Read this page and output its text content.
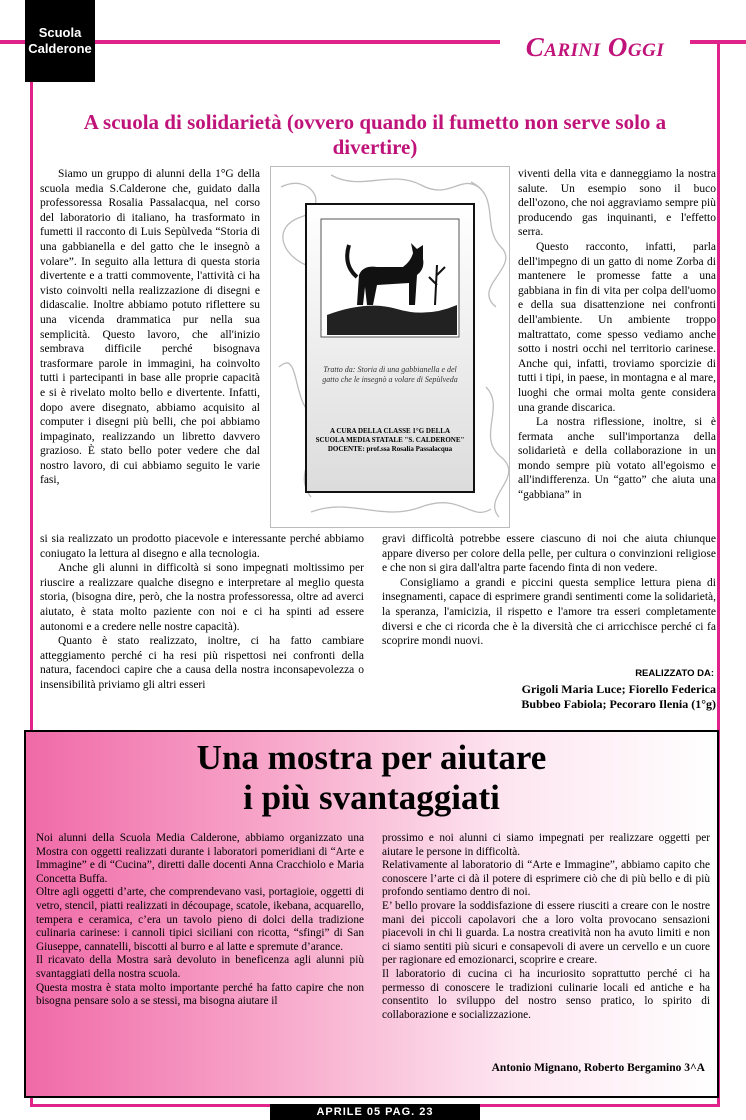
Scuola
Calderone	Carini Oggi
A scuola di solidarietà (ovvero quando il fumetto non serve solo a divertire)

Siamo un gruppo di alunni della 1°G della scuola media S.Calderone che, guidato dalla professoressa Rosalia Passalacqua, nel corso del laboratorio di italiano, ha trasformato in fumetti il racconto di Luis Sepùlveda “Storia di una gabbianella e del gatto che le insegnò a volare”. In seguito alla lettura di questa storia divertente e a tratti commovente, l'attività ci ha visto coinvolti nella realizzazione di disegni e didascalie. Inoltre abbiamo potuto riflettere su una vicenda drammatica pur nella sua semplicità. Questo lavoro, che all'inizio sembrava difficile perché bisognava trasformare parole in immagini, ha coinvolto tutti i partecipanti in base alle proprie capacità e si è rivelato molto bello e divertente. Infatti, dopo avere disegnato, abbiamo acquisito al computer i disegni più belli, che poi abbiamo impaginato, realizzando un libretto davvero grazioso. È stato bello poter vedere che dal nostro lavoro, di cui abbiamo seguito le varie fasi,

Tratto da: Storia di una gabbianella e del gatto che le insegnò a volare di Sepùlveda
A CURA DELLA CLASSE 1°G DELLA SCUOLA MEDIA STATALE "S. CALDERONE" DOCENTE: prof.ssa Rosalia Passalacqua

si sia realizzato un prodotto piacevole e interessante perché abbiamo coniugato la lettura al disegno e alla tecnologia.

Anche gli alunni in difficoltà si sono impegnati moltissimo per riuscire a realizzare qualche disegno e interpretare al meglio questa storia, (bisogna dire, però, che la nostra professoressa, oltre ad averci aiutato, è stata molto paziente con noi e ci ha spinti ad essere autonomi e a credere nelle nostre capacità).

Quanto è stato realizzato, inoltre, ci ha fatto cambiare atteggiamento perché ci ha resi più rispettosi nei confronti della natura, facendoci capire che a causa della nostra inconsapevolezza o insensibilità priviamo gli altri esseri

viventi della vita e danneggiamo la nostra salute. Un esempio sono il buco dell'ozono, che noi aggraviamo sempre più producendo gas inquinanti, e l'effetto serra.

Questo racconto, infatti, parla dell'impegno di un gatto di nome Zorba di mantenere le promesse fatte a una gabbiana in fin di vita per colpa dell'uomo e della sua disattenzione nei confronti dell'ambiente. Un ambiente troppo maltrattato, come spesso vediamo anche sotto i nostri occhi nel territorio carinese. Anche qui, infatti, troviamo sporcizie di tutti i tipi, in paese, in montagna e al mare, luoghi che ormai molta gente considera una grande discarica.

La nostra riflessione, inoltre, si è fermata anche sull'importanza della solidarietà e della collaborazione in un mondo sempre più votato all'egoismo e all'indifferenza. Un “gatto” che aiuta una “gabbiana” in

gravi difficoltà potrebbe essere ciascuno di noi che aiuta chiunque appare diverso per colore della pelle, per cultura o convinzioni religiose e che non si gira dall'altra parte facendo finta di non vedere.

Consigliamo a grandi e piccini questa semplice lettura piena di insegnamenti, capace di esprimere grandi sentimenti come la solidarietà, la speranza, l'amicizia, il rispetto e l'amore tra esseri completamente diversi e che ci ricorda che è la diversità che ci arricchisce perché ci fa scoprire mondi nuovi.

REALIZZATO DA:
Grigoli Maria Luce; Fiorello Federica
Bubbeo Fabiola; Pecoraro Ilenia (1°g)
Una mostra per aiutare
i più svantaggiati

Noi alunni della Scuola Media Calderone, abbiamo organizzato una Mostra con oggetti realizzati durante i laboratori pomeridiani di “Arte e Immagine” e di “Cucina”, diretti dalle docenti Anna Cracchiolo e Maria Concetta Buffa.

Oltre agli oggetti d’arte, che comprendevano vasi, portagioie, oggetti di vetro, stencil, piatti realizzati in découpage, scatole, ikebana, acquarello, tempera e ceramica, c’era un tavolo pieno di dolci della tradizione culinaria carinese: i cannoli tipici siciliani con ricotta, “sfingi” di San Giuseppe, cannatelli, biscotti al burro e al latte e spremute d’arance.

Il ricavato della Mostra sarà devoluto in beneficenza agli alunni più svantaggiati della nostra scuola.

Questa mostra è stata molto importante perché ha fatto capire che non bisogna pensare solo a se stessi, ma bisogna aiutare il

prossimo e noi alunni ci siamo impegnati per realizzare oggetti per aiutare le persone in difficoltà.

Relativamente al laboratorio di “Arte e Immagine”, abbiamo capito che conoscere l’arte ci dà il potere di esprimere ciò che di più bello e di più profondo sentiamo dentro di noi.

E’ bello provare la soddisfazione di essere riusciti a creare con le nostre mani dei piccoli capolavori che a loro volta provocano sensazioni piacevoli in chi li guarda. La nostra creatività non ha avuto limiti e non ci siamo sentiti più sicuri e consapevoli di avere un cervello e un cuore per ragionare ed emozionarci, scoprire e creare.

Il laboratorio di cucina ci ha incuriosito soprattutto perché ci ha permesso di conoscere le tradizioni culinarie locali ed antiche e ha consentito lo sviluppo del nostro senso pratico, lo spirito di collaborazione e socializzazione.

Antonio Mignano, Roberto Bergamino 3^A
APRILE 05 PAG. 23
